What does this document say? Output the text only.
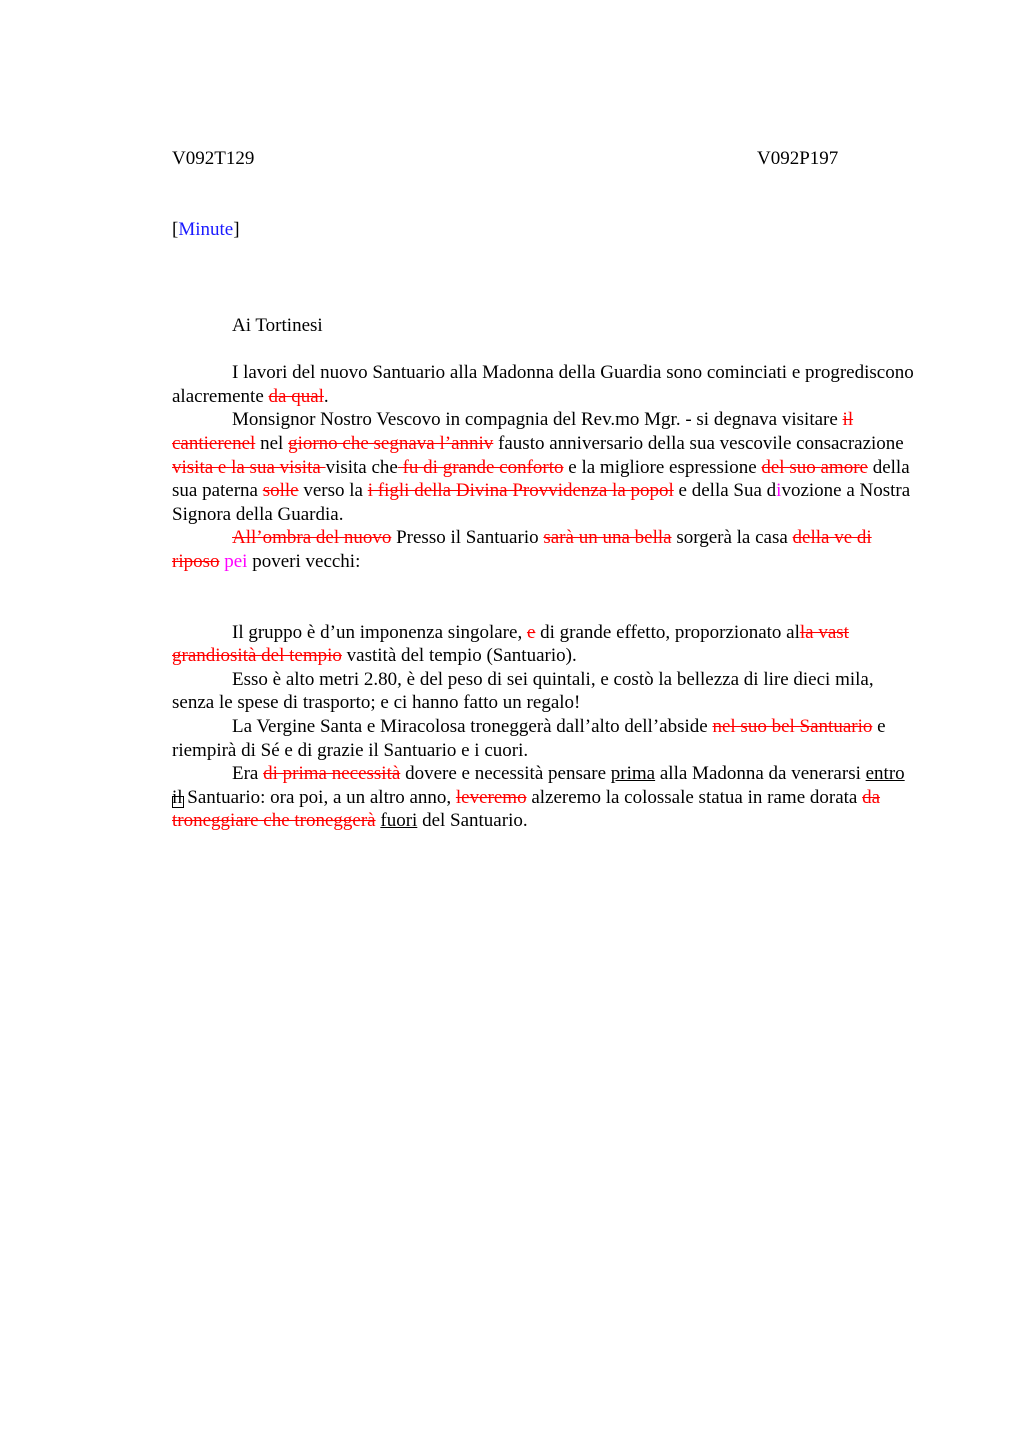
V092T129	V092P197
[Minute]

Ai Tortinesi

I lavori del nuovo Santuario alla Madonna della Guardia sono cominciati e progrediscono alacremente da qual.

Monsignor Nostro Vescovo in compagnia del Rev.mo Mgr. - si degnava visitare il cantierenel nel giorno che segnava l’anniv fausto anniversario della sua vescovile consacrazione visita e la sua visita visita che fu di grande conforto e la migliore espressione del suo amore della sua paterna solle verso la i figli della Divina Provvidenza la popol e della Sua divozione a Nostra Signora della Guardia.

All’ombra del nuovo Presso il Santuario sarà un una bella sorgerà la casa della ve di riposo pei poveri vecchi:

Il gruppo è d’un imponenza singolare, e di grande effetto, proporzionato alla vast grandiosità del tempio vastità del tempio (Santuario).

Esso è alto metri 2.80, è del peso di sei quintali, e costò la bellezza di lire dieci mila, senza le spese di trasporto; e ci hanno fatto un regalo!

La Vergine Santa e Miracolosa troneggerà dall’alto dell’abside nel suo bel Santuario e riempirà di Sé e di grazie il Santuario e i cuori.

Era di prima necessità dovere e necessità pensare prima alla Madonna da venerarsi entro il Santuario: ora poi, a un altro anno, leveremo alzeremo la colossale statua in rame dorata da troneggiare che troneggerà fuori del Santuario.
